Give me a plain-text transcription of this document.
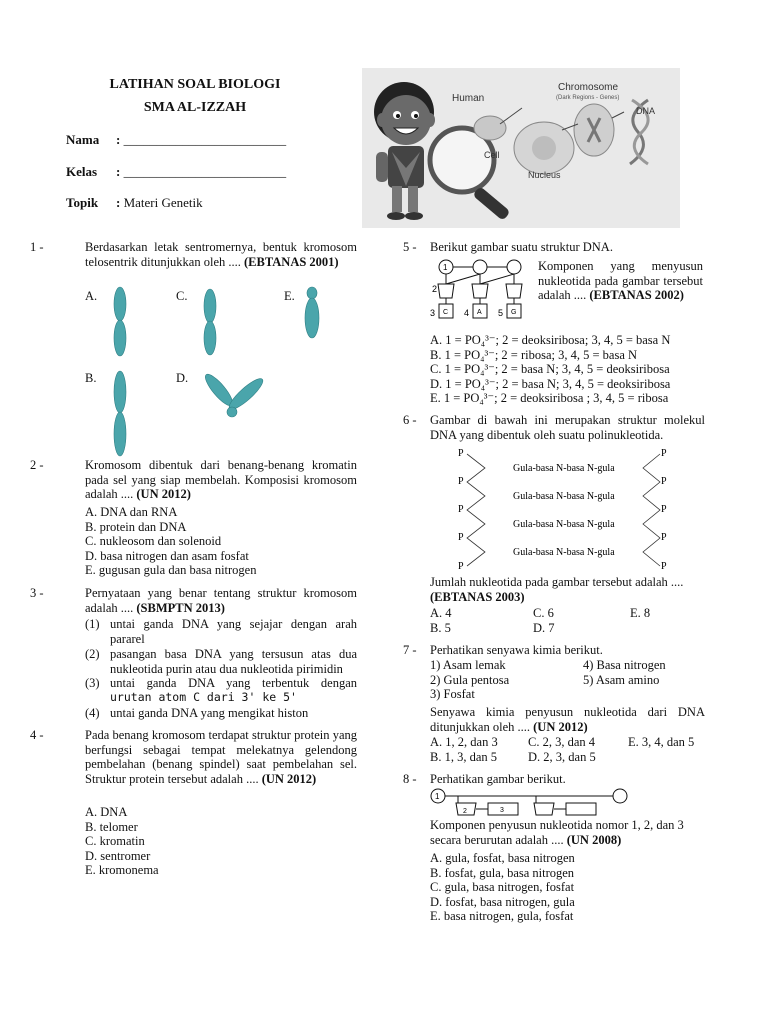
LATIHAN SOAL BIOLOGI
SMA AL-IZZAH
Nama : _________________________
Kelas : _________________________
Topik : Materi Genetik
Human
Chromosome
(Dark Regions - Genes)
DNA
Cell
Nucleus
1 -	Berdasarkan letak sentromernya, bentuk kromosom telosentrik ditunjukkan oleh .... (EBTANAS 2001)
A.	C.	E.
B.	D.
2 -	Kromosom dibentuk dari benang-benang kromatin pada sel yang siap membelah. Komposisi kromosom adalah .... (UN 2012)
A. DNA dan RNA
B. protein dan DNA
C. nukleosom dan solenoid
D. basa nitrogen dan asam fosfat
E. gugusan gula dan basa nitrogen
3 -	Pernyataan yang benar tentang struktur kromosom adalah .... (SBMPTN 2013)
(1) untai ganda DNA yang sejajar dengan arah pararel
(2) pasangan basa DNA yang tersusun atas dua nukleotida purin atau dua nukleotida pirimidin
(3) untai ganda DNA yang terbentuk dengan
urutan atom C dari 3' ke 5'
(4) untai ganda DNA yang mengikat histon
4 -	Pada benang kromosom terdapat struktur protein yang berfungsi sebagai tempat melekatnya gelendong pembelahan (benang spindel) saat pembelahan sel. Struktur protein tersebut adalah .... (UN 2012)
A. DNA
B. telomer
C. kromatin
D. sentromer
E. kromonema
5 - Berikut gambar suatu struktur DNA.
1
2
3 C 4 A 5 G
Komponen yang menyusun nukleotida pada gambar tersebut adalah .... (EBTANAS 2002)
A. 1 = PO₄³⁻; 2 = deoksiribosa; 3, 4, 5 = basa N
B. 1 = PO₄³⁻; 2 = ribosa; 3, 4, 5 = basa N
C. 1 = PO₄³⁻; 2 = basa N; 3, 4, 5 = deoksiribosa
D. 1 = PO₄³⁻; 2 = basa N; 3, 4, 5 = deoksiribosa
E. 1 = PO₄³⁻; 2 = deoksiribosa ; 3, 4, 5 = ribosa
6 - Gambar di bawah ini merupakan struktur molekul DNA yang dibentuk oleh suatu polinukleotida.
P
P
P
P
P
P
P
P
P
P
Gula-basa N-basa N-gula
Gula-basa N-basa N-gula
Gula-basa N-basa N-gula
Gula-basa N-basa N-gula
Jumlah nukleotida pada gambar tersebut adalah ....
(EBTANAS 2003)
A. 4	C. 6	E. 8
B. 5	D. 7
7 - Perhatikan senyawa kimia berikut.
1) Asam lemak	4) Basa nitrogen
2) Gula pentosa	5) Asam amino
3) Fosfat
Senyawa kimia penyusun nukleotida dari DNA ditunjukkan oleh .... (UN 2012)
A. 1, 2, dan 3 C. 2, 3, dan 4	E. 3, 4, dan 5
B. 1, 3, dan 5 D. 2, 3, dan 5
8 - Perhatikan gambar berikut.
1
2	3
Komponen penyusun nukleotida nomor 1, 2, dan 3 secara berurutan adalah .... (UN 2008)
A. gula, fosfat, basa nitrogen
B. fosfat, gula, basa nitrogen
C. gula, basa nitrogen, fosfat
D. fosfat, basa nitrogen, gula
E. basa nitrogen, gula, fosfat
